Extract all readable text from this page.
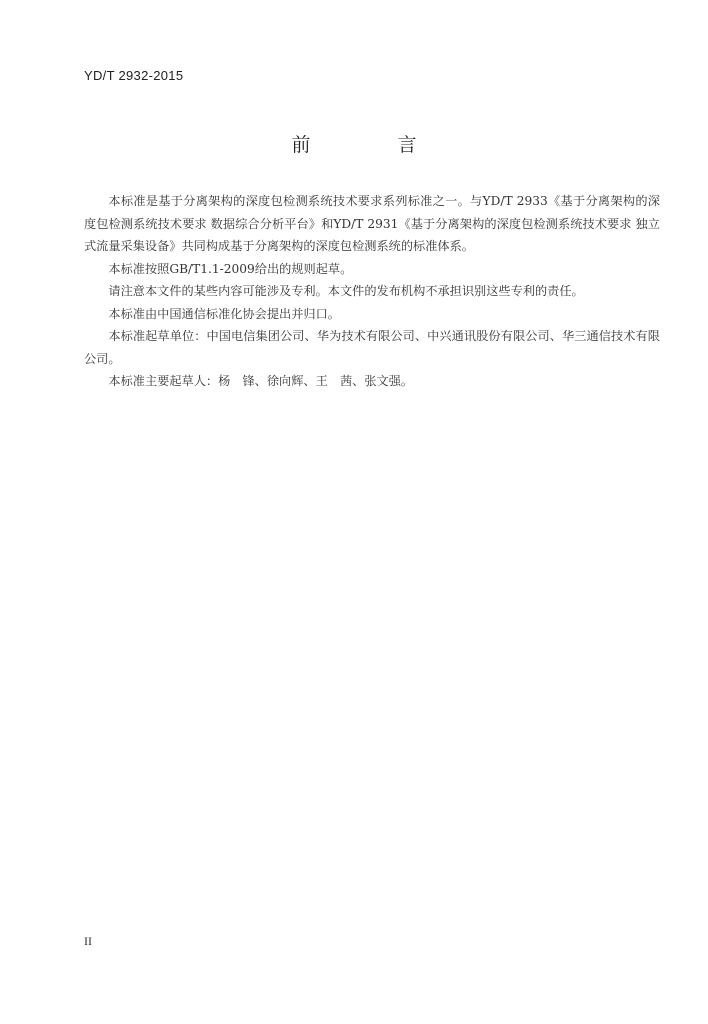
YD/T 2932-2015
前　言

本标准是基于分离架构的深度包检测系统技术要求系列标准之一。与YD/T 2933《基于分离架构的深度包检测系统技术要求 数据综合分析平台》和YD/T 2931《基于分离架构的深度包检测系统技术要求 独立式流量采集设备》共同构成基于分离架构的深度包检测系统的标准体系。

本标准按照GB/T1.1-2009给出的规则起草。

请注意本文件的某些内容可能涉及专利。本文件的发布机构不承担识别这些专利的责任。

本标准由中国通信标准化协会提出并归口。

本标准起草单位：中国电信集团公司、华为技术有限公司、中兴通讯股份有限公司、华三通信技术有限公司。

本标准主要起草人：杨　锋、徐向辉、王　茜、张文强。

II
